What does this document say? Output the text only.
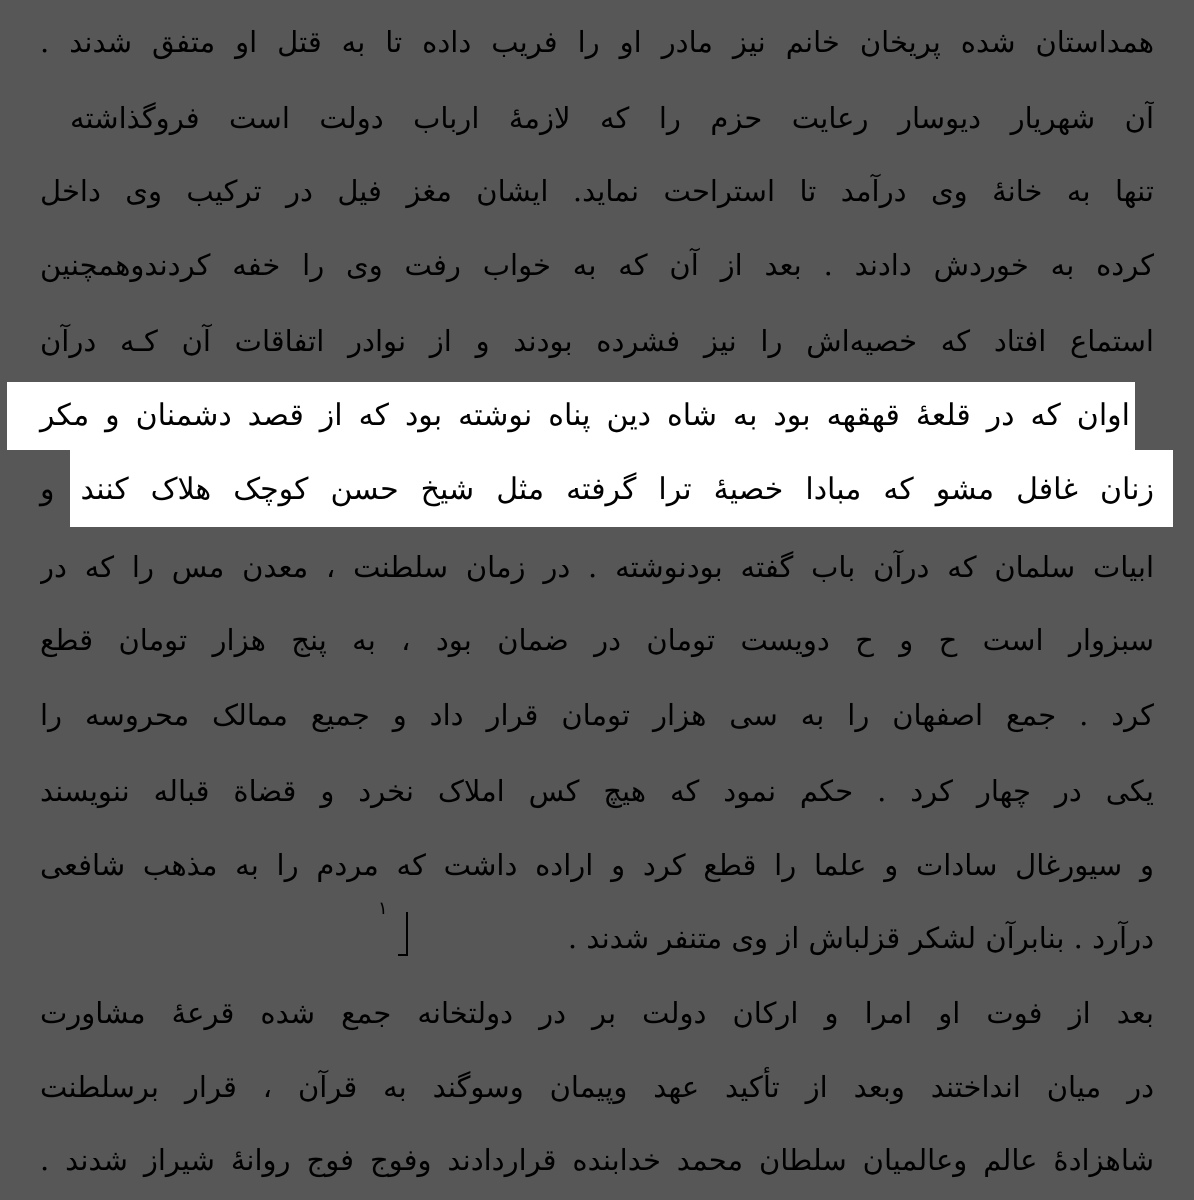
همداستان شده پریخان خانم نیز مادر او را فریب داده تا به قتل او متفق شدند .
آن شهریار دیوسار رعایت حزم را که لازمهٔ ارباب دولت است فروگذاشته
تنها به خانهٔ وی درآمد تا استراحت نماید. ایشان مغز فیل در ترکیب وی داخل
کرده به خوردش دادند . بعد از آن که به خواب رفت وی را خفه کردندوهمچنین
استماع افتاد که خصیه‌اش را نیز فشرده بودند و از نوادر اتفاقات آن کـه درآن
اوان که در قلعهٔ قهقهه بود به شاه دین پناه نوشته بود که از قصد دشمنان و مکر
زنان غافل مشو که مبادا خصیهٔ ترا گرفته مثل شیخ حسن کوچک هلاک کنند و
ابیات سلمان که درآن باب گفته بودنوشته . در زمان سلطنت ، معدن مس را که در
سبزوار است ح و ح دویست تومان در ضمان بود ، به پنج هزار تومان قطع
کرد . جمع اصفهان را به سی هزار تومان قرار داد و جمیع ممالک محروسه را
یکی در چهار کرد . حکم نمود که هیچ کس املاک نخرد و قضاة قباله ننویسند
و سیورغال سادات و علما را قطع کرد و اراده داشت که مردم را به مذهب شافعی
درآرد . بنابرآن لشکر قزلباش از وی متنفر شدند .
۱
بعد از فوت او امرا و ارکان دولت بر در دولتخانه جمع شده قرعهٔ مشاورت
در میان انداختند وبعد از تأکید عهد وپیمان وسوگند به قرآن ، قرار برسلطنت
شاهزادهٔ عالم وعالمیان سلطان محمد خدابنده قراردادند وفوج فوج روانهٔ شیراز شدند .
